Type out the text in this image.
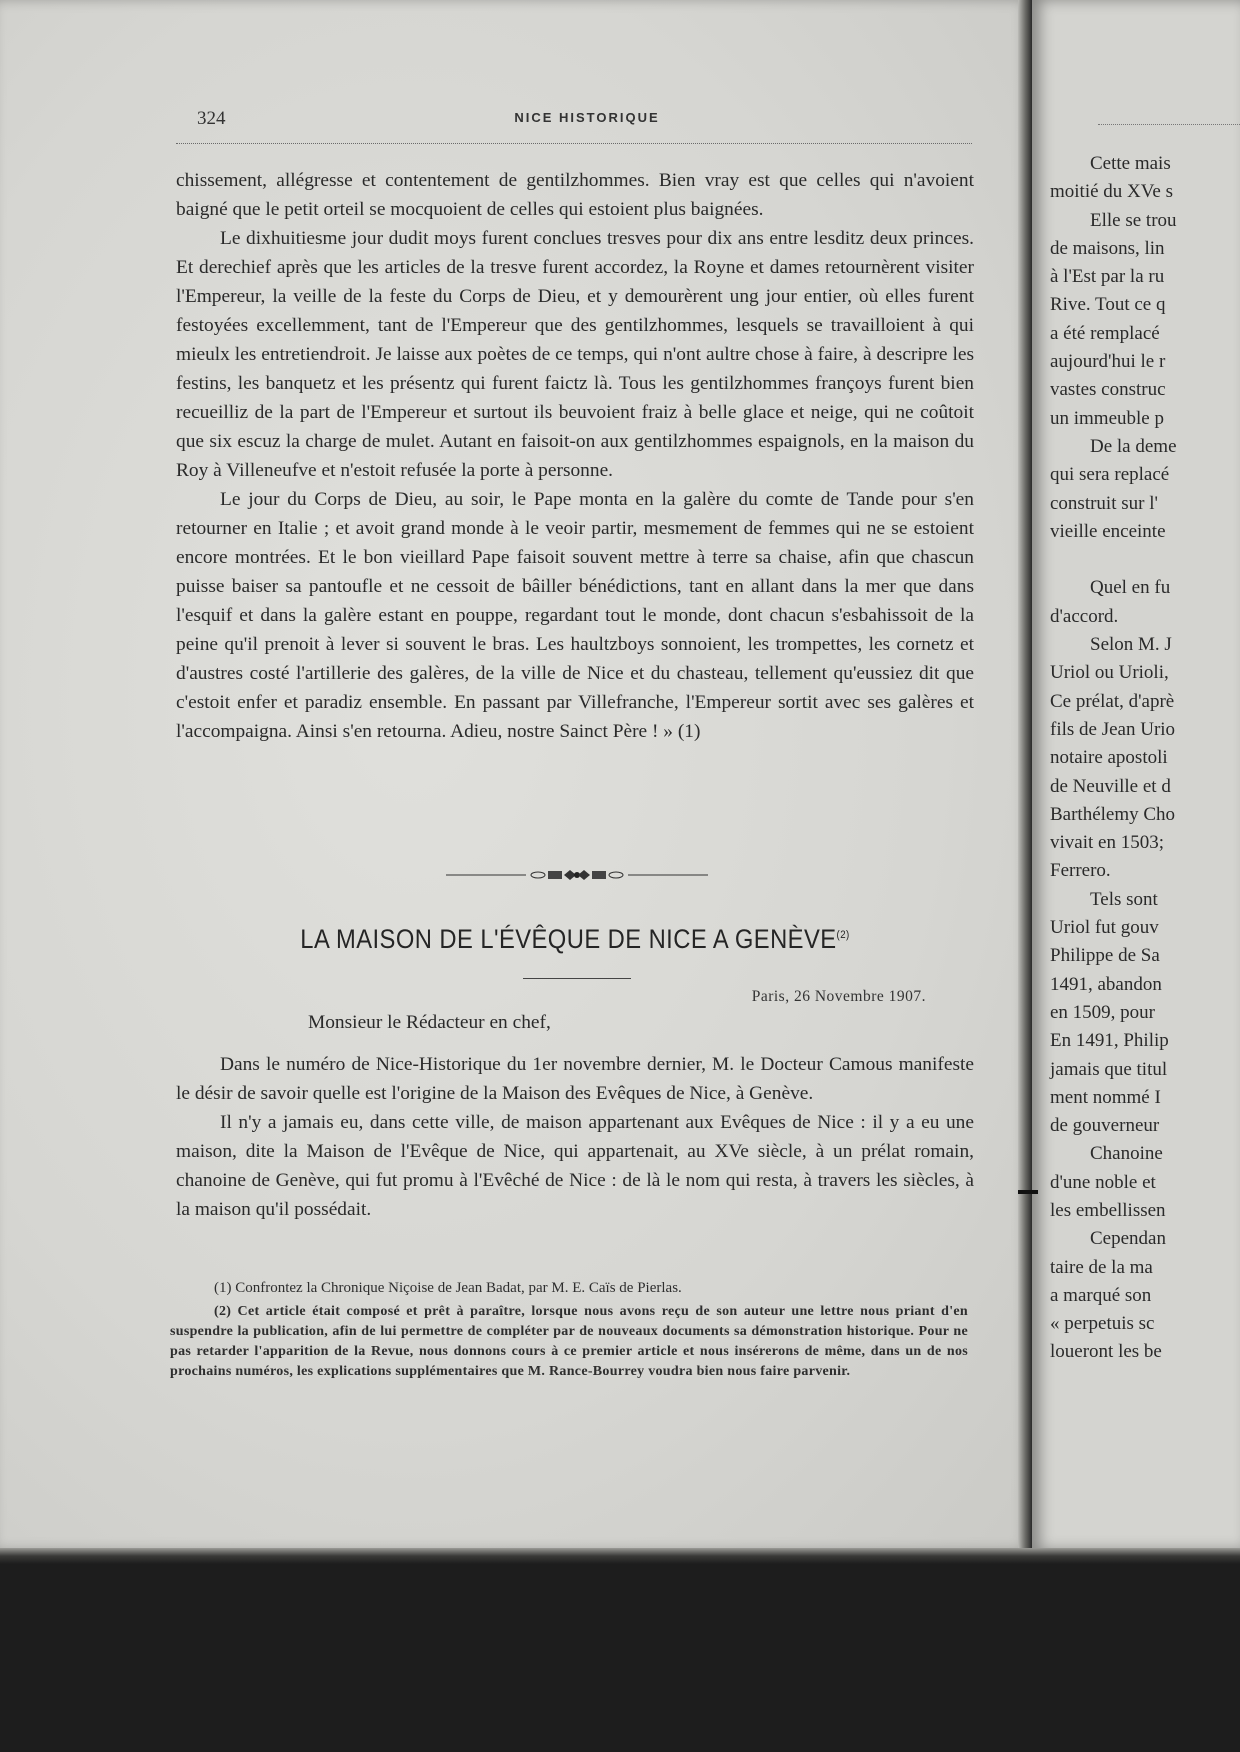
324	NICE HISTORIQUE

chissement, allégresse et contentement de gentilzhommes. Bien vray est que celles qui n'avoient baigné que le petit orteil se mocquoient de celles qui estoient plus baignées.

Le dixhuitiesme jour dudit moys furent conclues tresves pour dix ans entre lesditz deux princes. Et derechief après que les articles de la tresve furent accordez, la Royne et dames retournèrent visiter l'Empereur, la veille de la feste du Corps de Dieu, et y demourèrent ung jour entier, où elles furent festoyées excellemment, tant de l'Empereur que des gentilzhommes, lesquels se travailloient à qui mieulx les entretiendroit. Je laisse aux poètes de ce temps, qui n'ont aultre chose à faire, à descripre les festins, les banquetz et les présentz qui furent faictz là. Tous les gentilzhommes françoys furent bien recueilliz de la part de l'Empereur et surtout ils beuvoient fraiz à belle glace et neige, qui ne coûtoit que six escuz la charge de mulet. Autant en faisoit-on aux gentilzhommes espaignols, en la maison du Roy à Villeneufve et n'estoit refusée la porte à personne.

Le jour du Corps de Dieu, au soir, le Pape monta en la galère du comte de Tande pour s'en retourner en Italie ; et avoit grand monde à le veoir partir, mesmement de femmes qui ne se estoient encore montrées. Et le bon vieillard Pape faisoit souvent mettre à terre sa chaise, afin que chascun puisse baiser sa pantoufle et ne cessoit de bâiller bénédictions, tant en allant dans la mer que dans l'esquif et dans la galère estant en pouppe, regardant tout le monde, dont chacun s'esbahissoit de la peine qu'il prenoit à lever si souvent le bras. Les haultzboys sonnoient, les trompettes, les cornetz et d'austres costé l'artillerie des galères, de la ville de Nice et du chasteau, tellement qu'eussiez dit que c'estoit enfer et paradiz ensemble. En passant par Villefranche, l'Empereur sortit avec ses galères et l'accompaigna. Ainsi s'en retourna. Adieu, nostre Sainct Père ! » (1)

LA MAISON DE L'ÉVÊQUE DE NICE A GENÈVE$^{(2)}$
Paris, 26 Novembre 1907.
Monsieur le Rédacteur en chef,

Dans le numéro de Nice-Historique du 1er novembre dernier, M. le Docteur Camous manifeste le désir de savoir quelle est l'origine de la Maison des Evêques de Nice, à Genève.

Il n'y a jamais eu, dans cette ville, de maison appartenant aux Evêques de Nice : il y a eu une maison, dite la Maison de l'Evêque de Nice, qui appartenait, au XVe siècle, à un prélat romain, chanoine de Genève, qui fut promu à l'Evêché de Nice : de là le nom qui resta, à travers les siècles, à la maison qu'il possédait.

(1) Confrontez la Chronique Niçoise de Jean Badat, par M. E. Caïs de Pierlas.

(2) Cet article était composé et prêt à paraître, lorsque nous avons reçu de son auteur une lettre nous priant d'en suspendre la publication, afin de lui permettre de compléter par de nouveaux documents sa démonstration historique. Pour ne pas retarder l'apparition de la Revue, nous donnons cours à ce premier article et nous insérerons de même, dans un de nos prochains numéros, les explications supplémentaires que M. Rance-Bourrey voudra bien nous faire parvenir.

Cette mais
moitié du XVe s
Elle se trou
de maisons, lin
à l'Est par la ru
Rive. Tout ce q
a été remplacé
aujourd'hui le r
vastes construc
un immeuble p
De la deme
qui sera replacé
construit sur l'
vieille enceinte
Quel en fu
d'accord.
Selon M. J
Uriol ou Urioli,
Ce prélat, d'aprè
fils de Jean Urio
notaire apostoli
de Neuville et d
Barthélemy Cho
vivait en 1503;
Ferrero.
Tels sont
Uriol fut gouv
Philippe de Sa
1491, abandon
en 1509, pour
En 1491, Philip
jamais que titul
ment nommé I
de gouverneur
Chanoine
d'une noble et
les embellissen
Cependan
taire de la ma
a marqué son
« perpetuis sc
loueront les be
